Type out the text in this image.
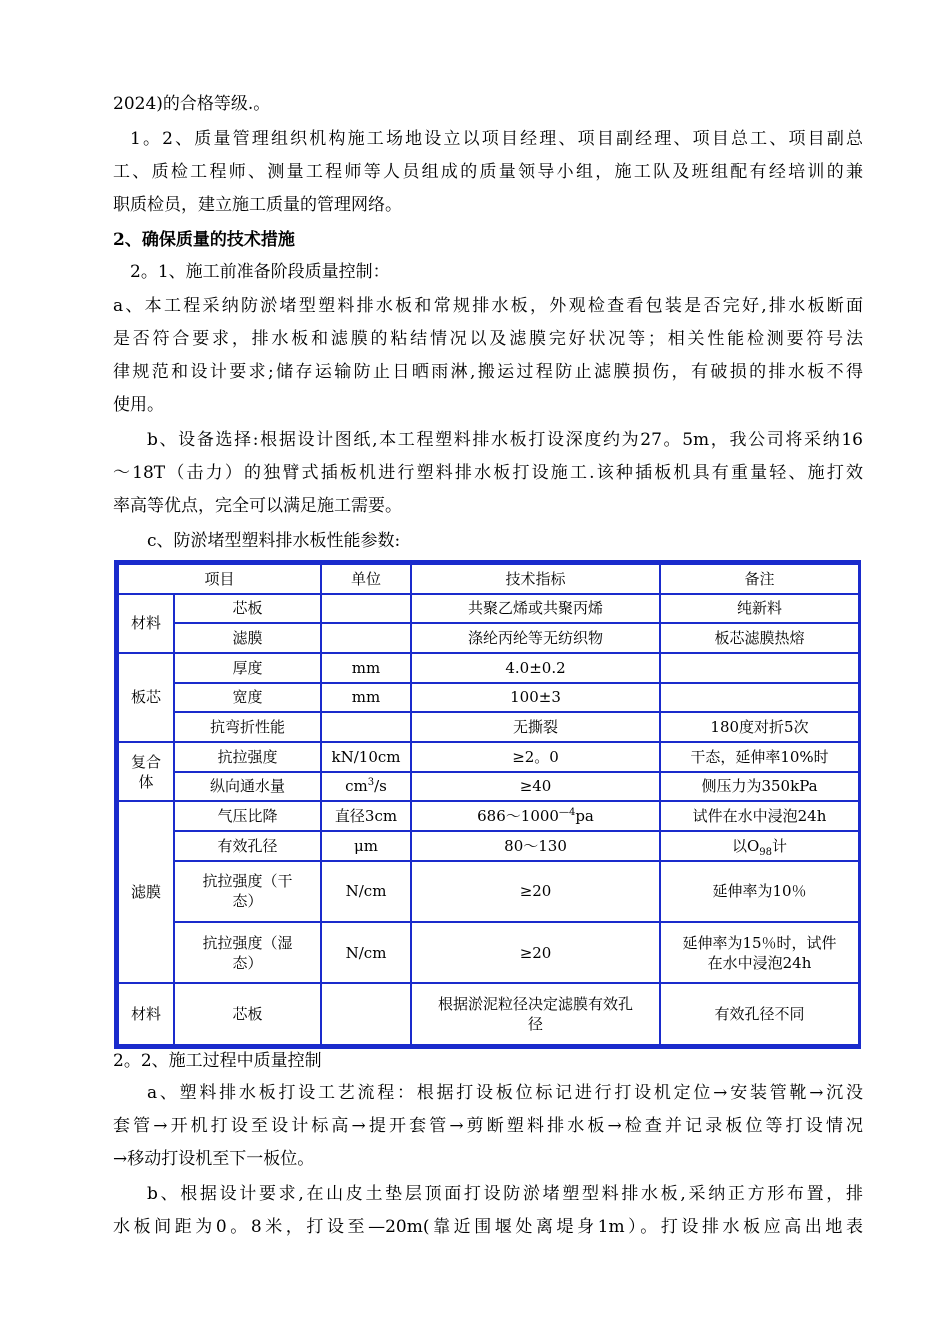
2024)的合格等级.。
1。2、质量管理组织机构施工场地设立以项目经理、项目副经理、项目总工、项目副总
工、质检工程师、测量工程师等人员组成的质量领导小组，施工队及班组配有经培训的兼
职质检员，建立施工质量的管理网络。
2、确保质量的技术措施
2。1、施工前准备阶段质量控制：
a、本工程采纳防淤堵型塑料排水板和常规排水板，外观检查看包装是否完好,排水板断面
是否符合要求，排水板和滤膜的粘结情况以及滤膜完好状况等；相关性能检测要符号法
律规范和设计要求;储存运输防止日晒雨淋,搬运过程防止滤膜损伤，有破损的排水板不得
使用。
b、设备选择:根据设计图纸,本工程塑料排水板打设深度约为27。5m，我公司将采纳16
～18T（击力）的独臂式插板机进行塑料排水板打设施工.该种插板机具有重量轻、施打效
率高等优点，完全可以满足施工需要。
c、防淤堵型塑料排水板性能参数:
项目		单位	技术指标	备注
材料	芯板		共聚乙烯或共聚丙烯	纯新料
	滤膜		涤纶丙纶等无纺织物	板芯滤膜热熔
板芯	厚度	mm	4.0±0.2	
	宽度	mm	100±3	
	抗弯折性能		无撕裂	180度对折5次
复合
体	抗拉强度	kN/10cm	≥2。0	干态，延伸率10%时
	纵向通水量	$cm^3/s$	≥40	侧压力为350kPa
滤膜	气压比降	直径3cm	$686\sim 1000^{—4}pa$	试件在水中浸泡24h
	有效孔径	μm	80～130	以$O_{98}$计
	抗拉强度（干
态）	N/cm	≥20	延伸率为10％
	抗拉强度（湿
态）	N/cm	≥20	延伸率为15％时，试件
在水中浸泡24h
材料	芯板		根据淤泥粒径决定滤膜有效孔
径	有效孔径不同
2。2、施工过程中质量控制
a、塑料排水板打设工艺流程：根据打设板位标记进行打设机定位→安装管靴→沉没
套管→开机打设至设计标高→提开套管→剪断塑料排水板→检查并记录板位等打设情况
→移动打设机至下一板位。
b、根据设计要求,在山皮土垫层顶面打设防淤堵塑型料排水板,采纳正方形布置，排
水板间距为0。8米，打设至—20m(靠近围堰处离堤身1m）。打设排水板应高出地表
